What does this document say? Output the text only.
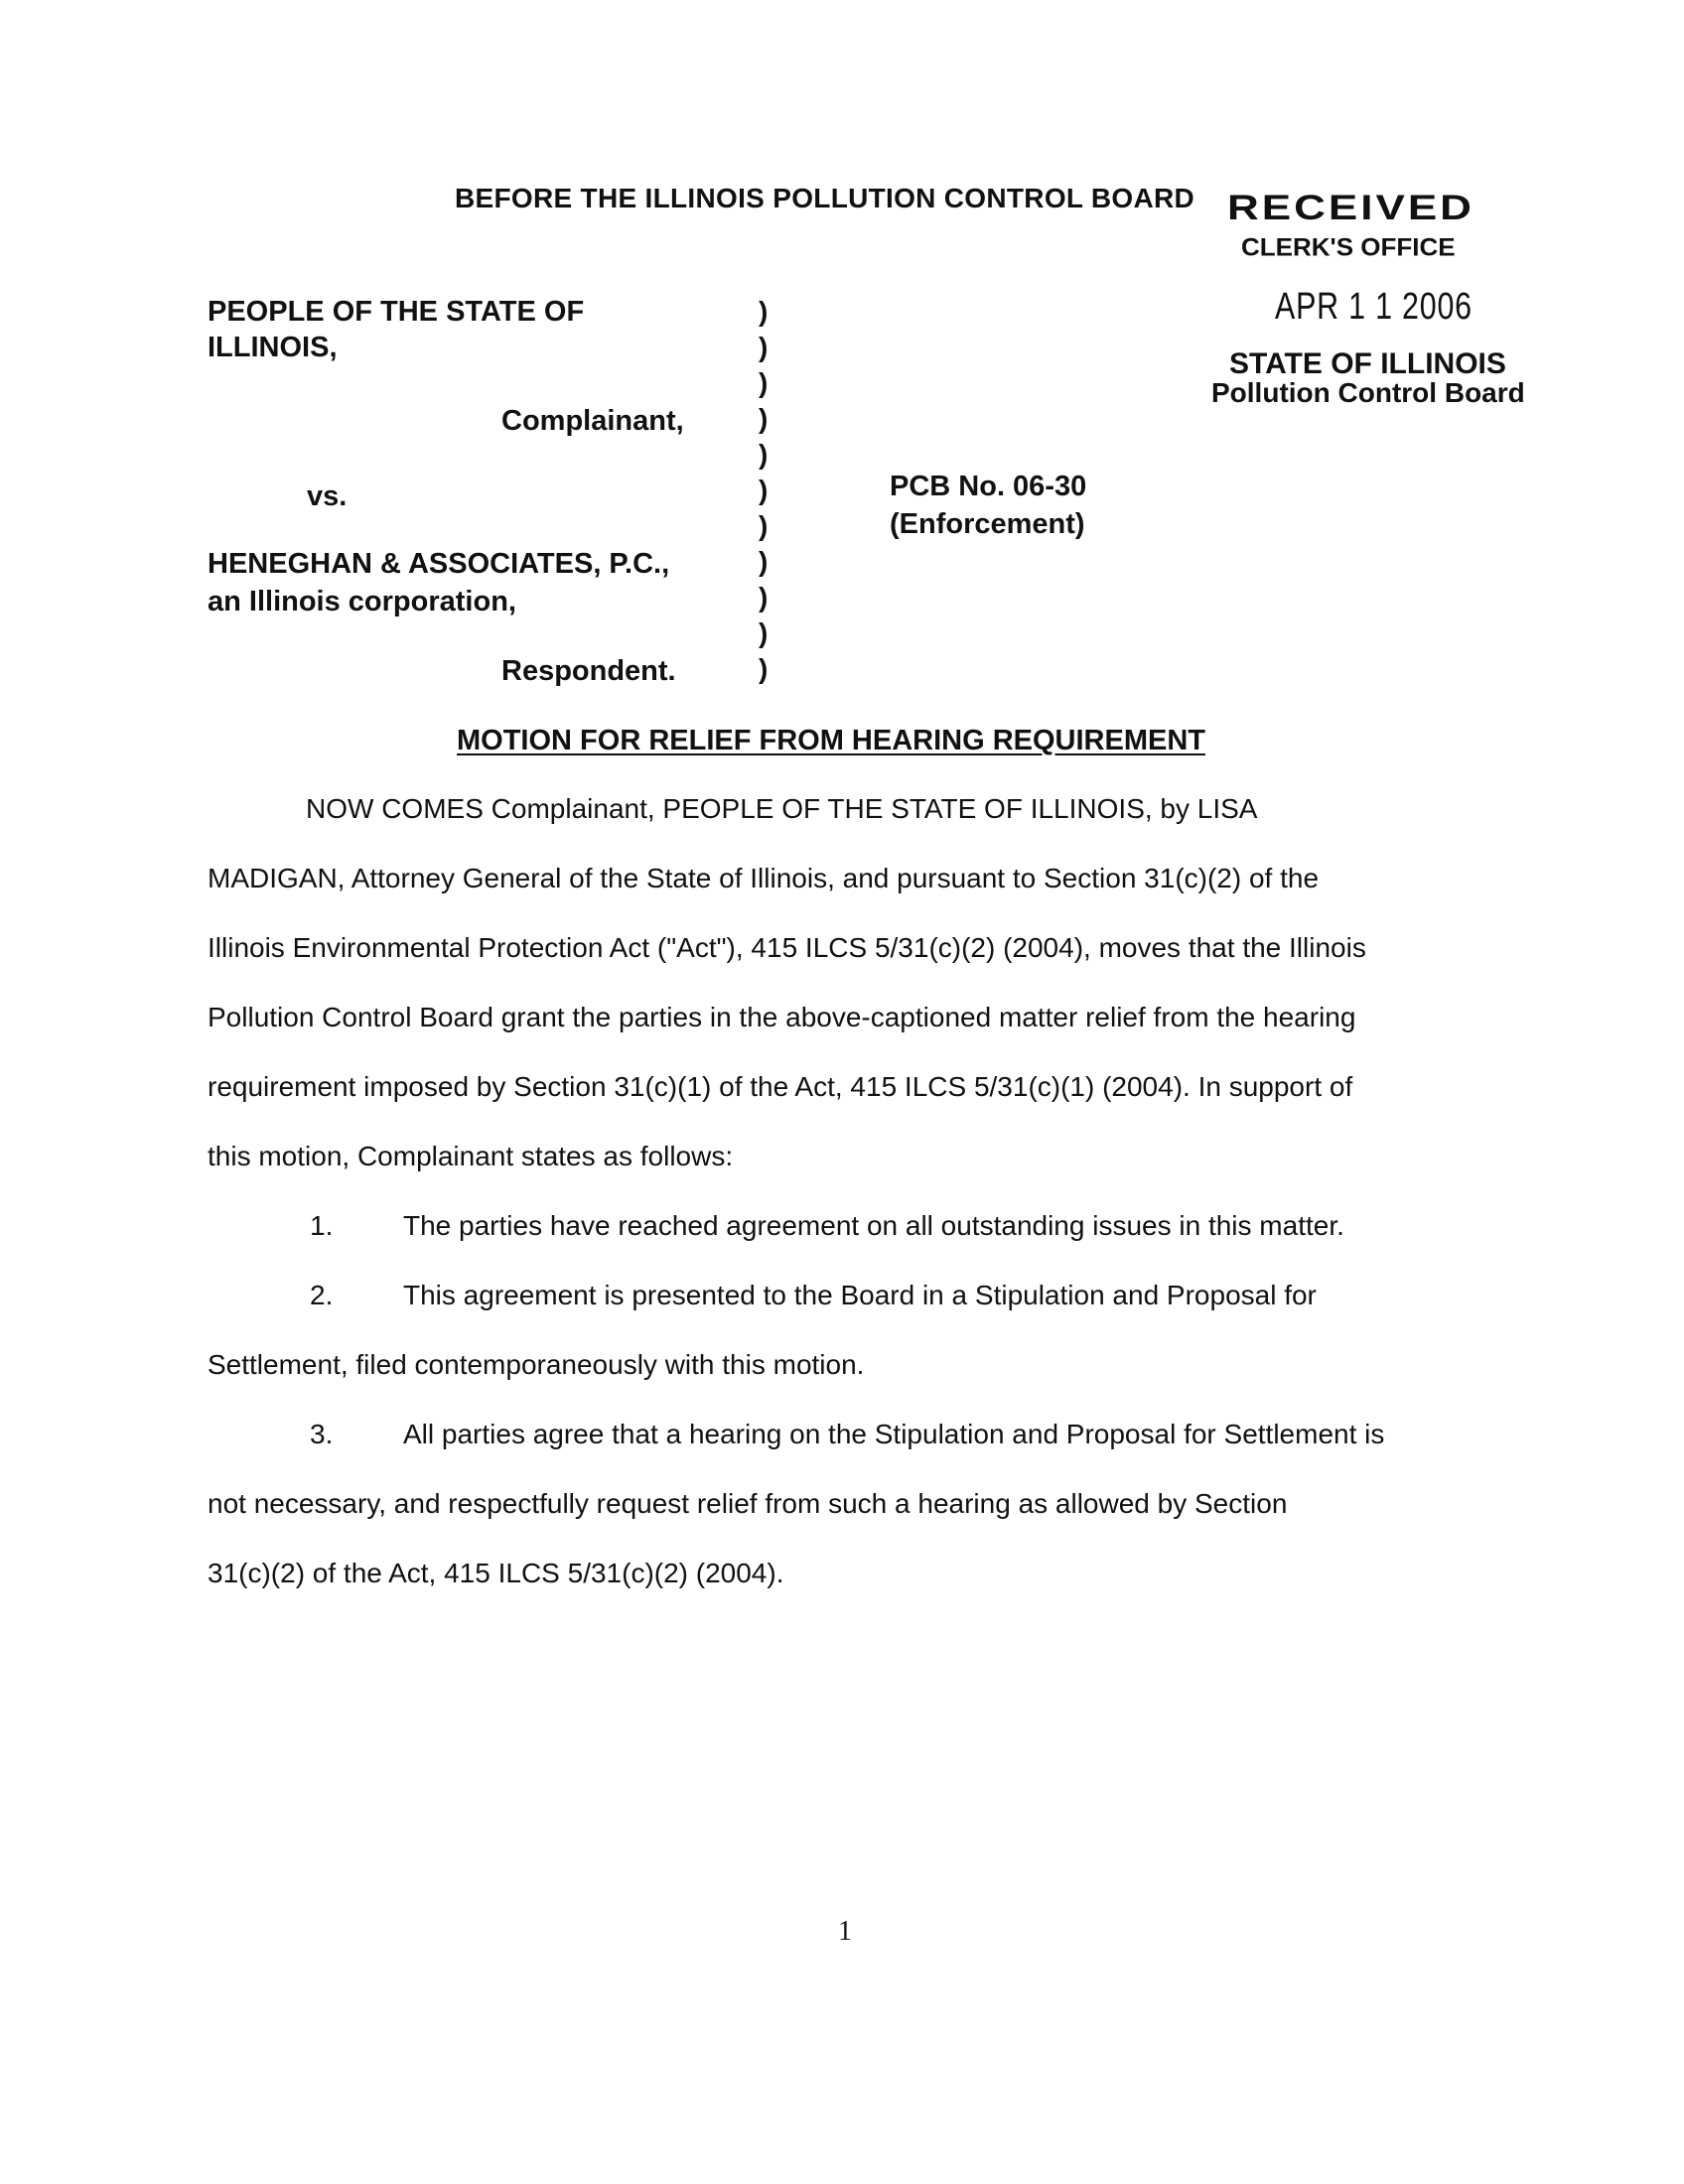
BEFORE THE ILLINOIS POLLUTION CONTROL BOARD RECEIVED
CLERK'S OFFICE
APR 1 1 2006
STATE OF ILLINOIS
Pollution Control Board
PEOPLE OF THE STATE OF
ILLINOIS,
Complainant,
vs.
HENEGHAN & ASSOCIATES, P.C.,
an Illinois corporation,
Respondent.
)
)
)
)
)
)
)
)
)
)
)
PCB No. 06-30
(Enforcement)
MOTION FOR RELIEF FROM HEARING REQUIREMENT
NOW COMES Complainant, PEOPLE OF THE STATE OF ILLINOIS, by LISA
MADIGAN, Attorney General of the State of Illinois, and pursuant to Section 31(c)(2) of the
Illinois Environmental Protection Act ("Act"), 415 ILCS 5/31(c)(2) (2004), moves that the Illinois
Pollution Control Board grant the parties in the above-captioned matter relief from the hearing
requirement imposed by Section 31(c)(1) of the Act, 415 ILCS 5/31(c)(1) (2004). In support of
this motion, Complainant states as follows:
1.	The parties have reached agreement on all outstanding issues in this matter.
2.	This agreement is presented to the Board in a Stipulation and Proposal for
Settlement, filed contemporaneously with this motion.
3.	All parties agree that a hearing on the Stipulation and Proposal for Settlement is
not necessary, and respectfully request relief from such a hearing as allowed by Section
31(c)(2) of the Act, 415 ILCS 5/31(c)(2) (2004).
1
